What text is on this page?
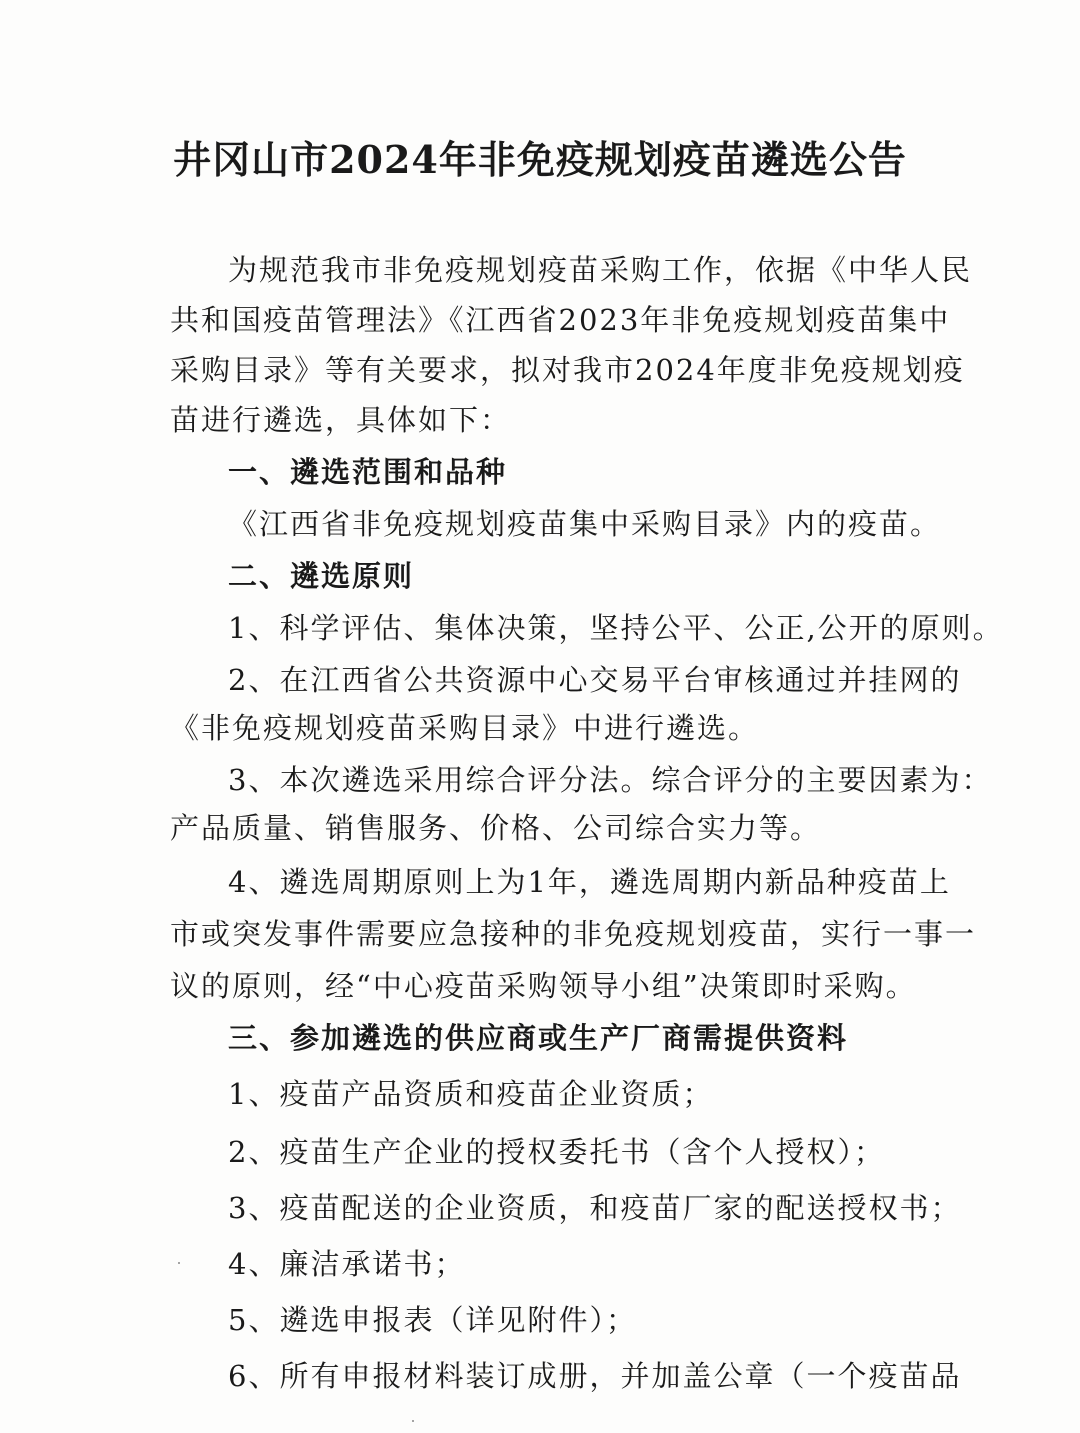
井冈山市2024年非免疫规划疫苗遴选公告
为规范我市非免疫规划疫苗采购工作，依据《中华人民
共和国疫苗管理法》《江西省2023年非免疫规划疫苗集中
采购目录》等有关要求，拟对我市2024年度非免疫规划疫
苗进行遴选，具体如下：
一、遴选范围和品种
《江西省非免疫规划疫苗集中采购目录》内的疫苗。
二、遴选原则
1、科学评估、集体决策，坚持公平、公正,公开的原则。
2、在江西省公共资源中心交易平台审核通过并挂网的
《非免疫规划疫苗采购目录》中进行遴选。
3、本次遴选采用综合评分法。综合评分的主要因素为：
产品质量、销售服务、价格、公司综合实力等。
4、遴选周期原则上为1年，遴选周期内新品种疫苗上
市或突发事件需要应急接种的非免疫规划疫苗，实行一事一
议的原则，经“中心疫苗采购领导小组”决策即时采购。
三、参加遴选的供应商或生产厂商需提供资料
1、疫苗产品资质和疫苗企业资质；
2、疫苗生产企业的授权委托书（含个人授权）；
3、疫苗配送的企业资质，和疫苗厂家的配送授权书；
4、廉洁承诺书；
5、遴选申报表（详见附件）；
6、所有申报材料装订成册，并加盖公章（一个疫苗品
